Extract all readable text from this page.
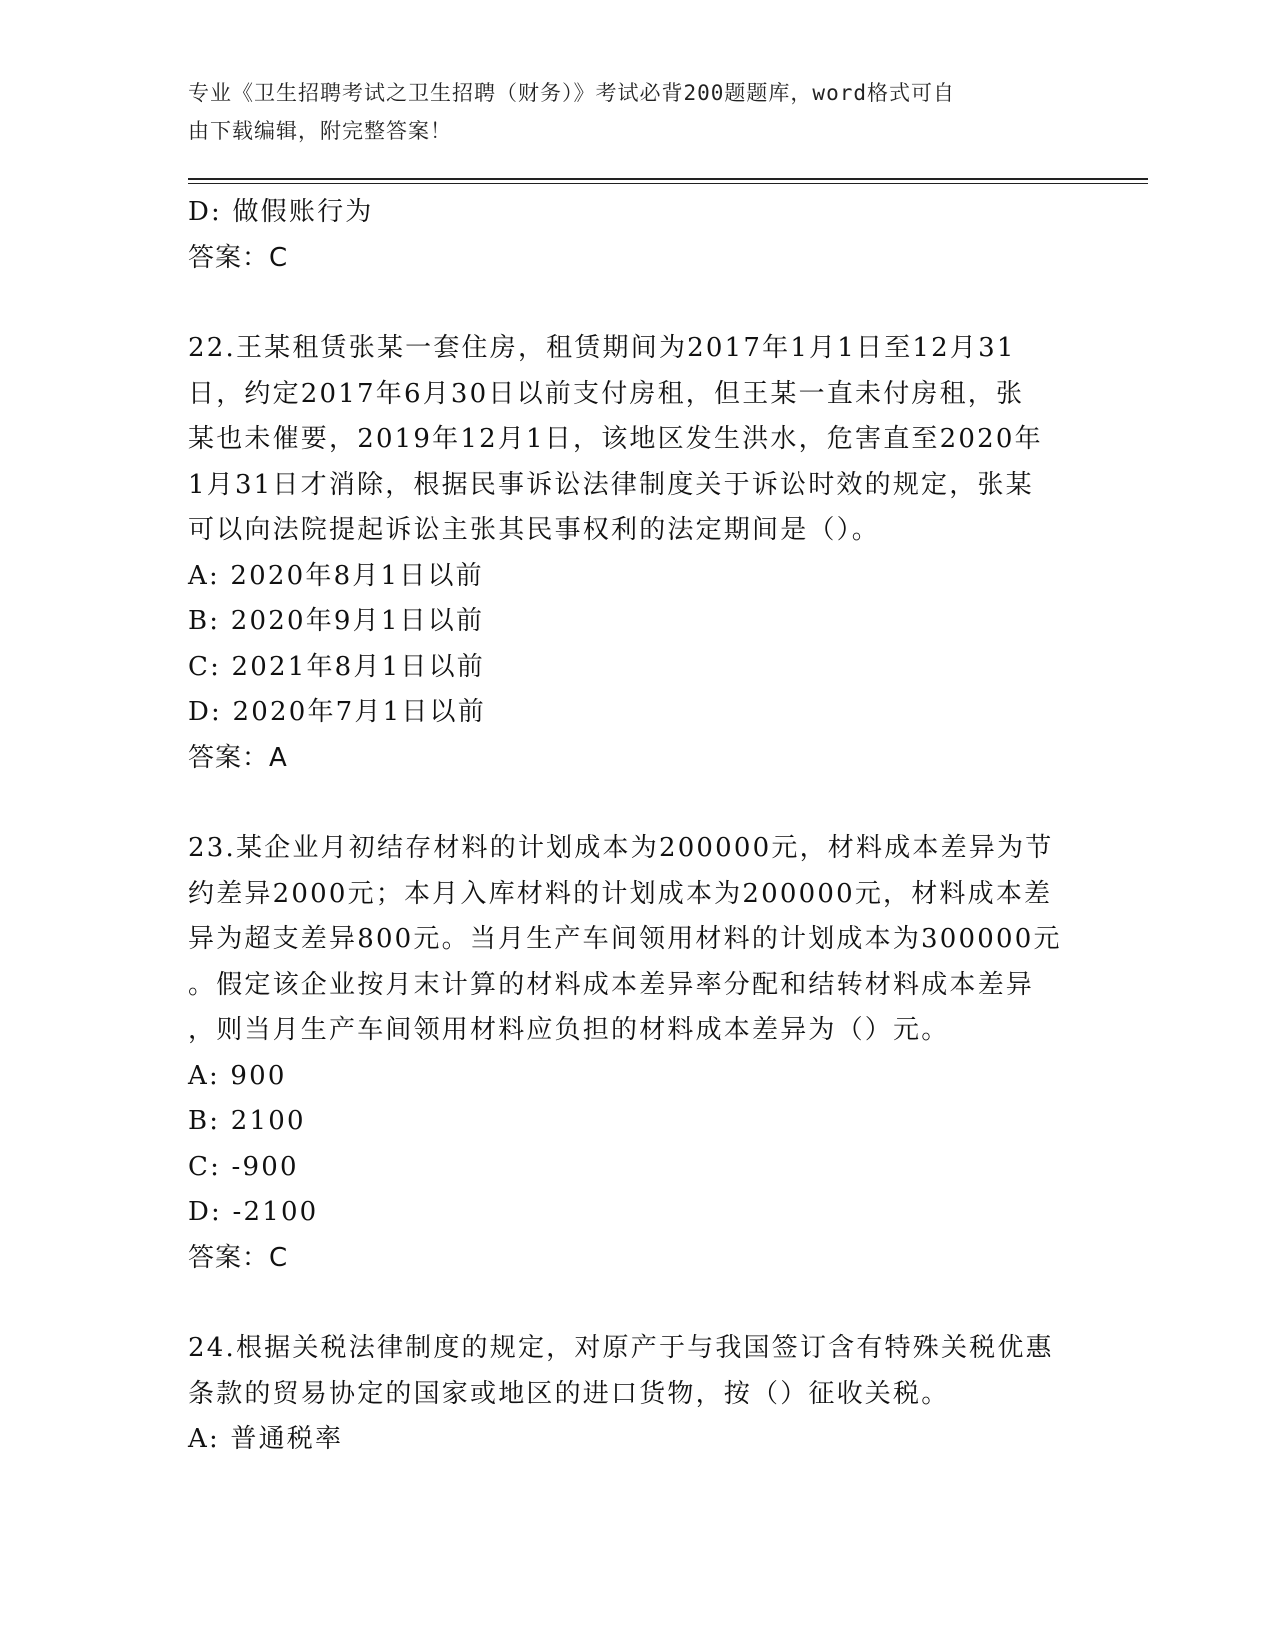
专业《卫生招聘考试之卫生招聘（财务）》考试必背200题题库，word格式可自
由下载编辑，附完整答案！

D: 做假账行为

答案：C

22.王某租赁张某一套住房，租赁期间为2017年1月1日至12月31

日，约定2017年6月30日以前支付房租，但王某一直未付房租，张

某也未催要，2019年12月1日，该地区发生洪水，危害直至2020年

1月31日才消除，根据民事诉讼法律制度关于诉讼时效的规定，张某

可以向法院提起诉讼主张其民事权利的法定期间是（）。

A: 2020年8月1日以前

B: 2020年9月1日以前

C: 2021年8月1日以前

D: 2020年7月1日以前

答案：A

23.某企业月初结存材料的计划成本为200000元，材料成本差异为节

约差异2000元；本月入库材料的计划成本为200000元，材料成本差

异为超支差异800元。当月生产车间领用材料的计划成本为300000元

。假定该企业按月末计算的材料成本差异率分配和结转材料成本差异

，则当月生产车间领用材料应负担的材料成本差异为（）元。

A: 900

B: 2100

C: -900

D: -2100

答案：C

24.根据关税法律制度的规定，对原产于与我国签订含有特殊关税优惠

条款的贸易协定的国家或地区的进口货物，按（）征收关税。

A: 普通税率
